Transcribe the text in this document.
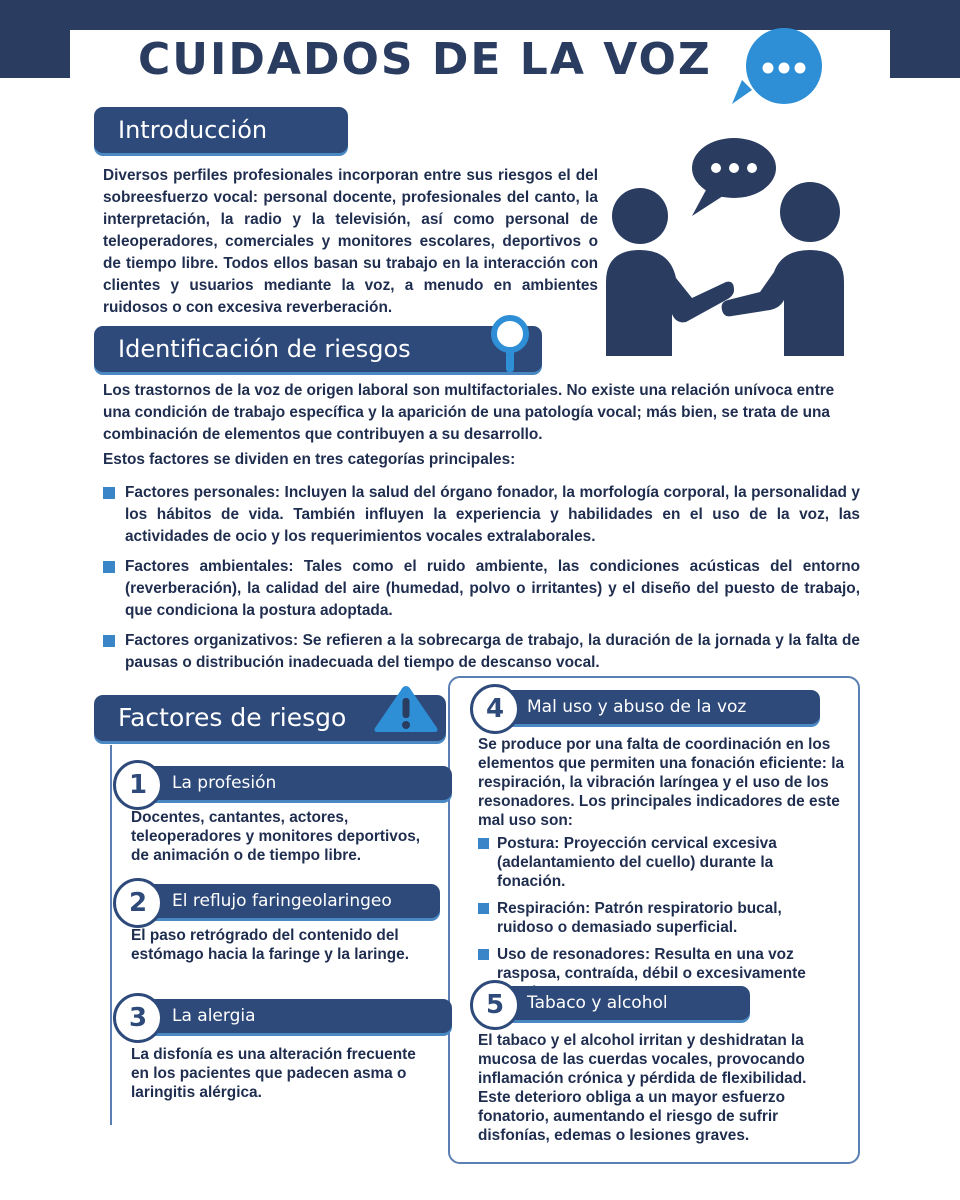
CUIDADOS DE LA VOZ
Introducción

Diversos perfiles profesionales incorporan entre sus riesgos el del sobreesfuerzo vocal: personal docente, profesionales del canto, la interpretación, la radio y la televisión, así como personal de teleoperadores, comerciales y monitores escolares, deportivos o de tiempo libre. Todos ellos basan su trabajo en la interacción con clientes y usuarios mediante la voz, a menudo en ambientes ruidosos o con excesiva reverberación.

Identificación de riesgos

Los trastornos de la voz de origen laboral son multifactoriales. No existe una relación unívoca entre una condición de trabajo específica y la aparición de una patología vocal; más bien, se trata de una combinación de elementos que contribuyen a su desarrollo.

Estos factores se dividen en tres categorías principales:

Factores personales: Incluyen la salud del órgano fonador, la morfología corporal, la personalidad y los hábitos de vida. También influyen la experiencia y habilidades en el uso de la voz, las actividades de ocio y los requerimientos vocales extralaborales.
Factores ambientales: Tales como el ruido ambiente, las condiciones acústicas del entorno (reverberación), la calidad del aire (humedad, polvo o irritantes) y el diseño del puesto de trabajo, que condiciona la postura adoptada.
Factores organizativos: Se refieren a la sobrecarga de trabajo, la duración de la jornada y la falta de pausas o distribución inadecuada del tiempo de descanso vocal.
Factores de riesgo
1	La profesión

Docentes, cantantes, actores, teleoperadores y monitores deportivos, de animación o de tiempo libre.

2	El reflujo faringeolaringeo

El paso retrógrado del contenido del estómago hacia la faringe y la laringe.

3	La alergia

La disfonía es una alteración frecuente en los pacientes que padecen asma o laringitis alérgica.

4	Mal uso y abuso de la voz

Se produce por una falta de coordinación en los elementos que permiten una fonación eficiente: la respiración, la vibración laríngea y el uso de los resonadores. Los principales indicadores de este mal uso son:

Postura: Proyección cervical excesiva (adelantamiento del cuello) durante la fonación.
Respiración: Patrón respiratorio bucal, ruidoso o demasiado superficial.
Uso de resonadores: Resulta en una voz rasposa, contraída, débil o excesivamente
5	Tabaco y alcohol

El tabaco y el alcohol irritan y deshidratan la mucosa de las cuerdas vocales, provocando inflamación crónica y pérdida de flexibilidad. Este deterioro obliga a un mayor esfuerzo fonatorio, aumentando el riesgo de sufrir disfonías, edemas o lesiones graves.
